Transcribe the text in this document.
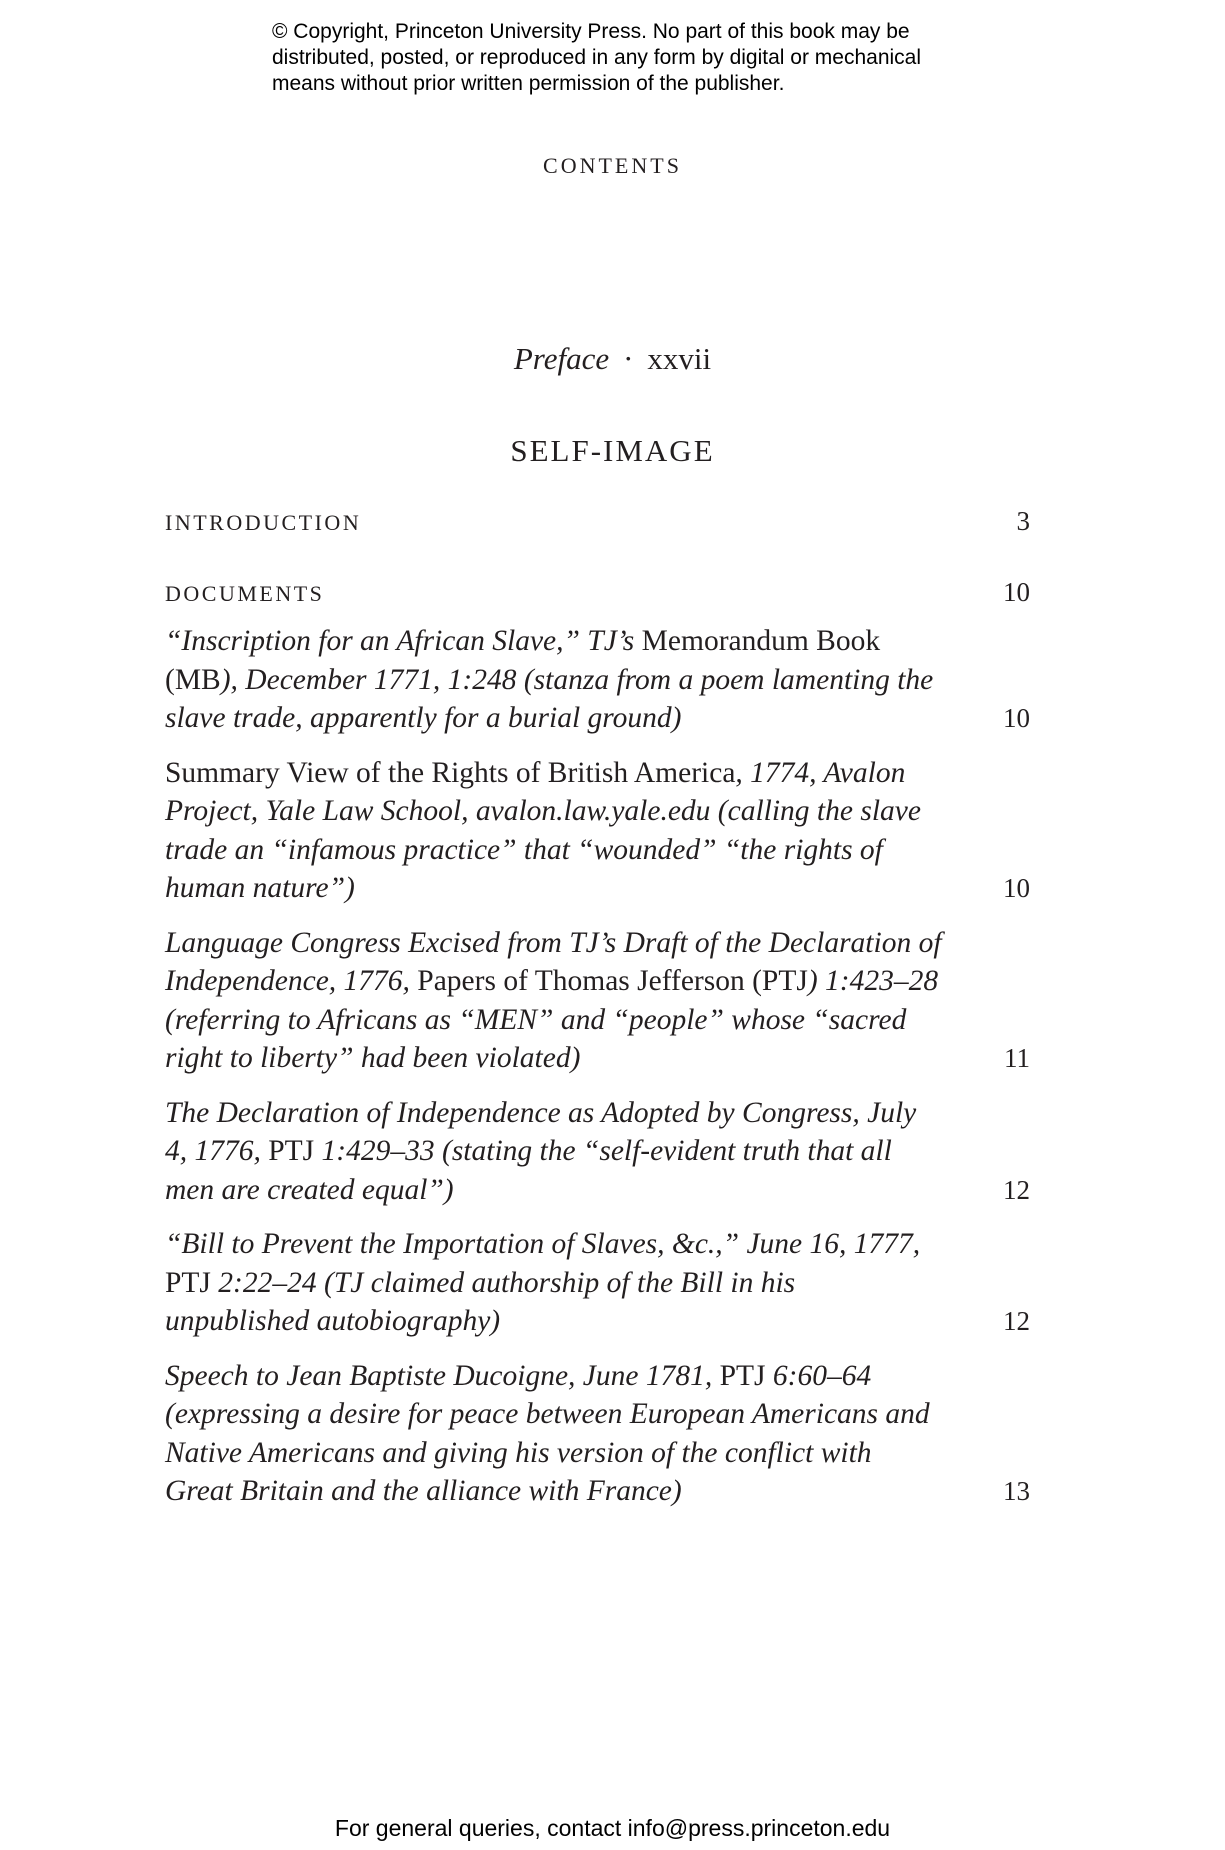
© Copyright, Princeton University Press. No part of this book may be
distributed, posted, or reproduced in any form by digital or mechanical
means without prior written permission of the publisher.
CONTENTS
Preface · xxvii
SELF-IMAGE
INTRODUCTION	3
DOCUMENTS	10
“Inscription for an African Slave,” TJ’s Memorandum Book (MB), December 1771, 1:248 (stanza from a poem lamenting the slave trade, apparently for a burial ground)	10
Summary View of the Rights of British America, 1774, Avalon Project, Yale Law School, avalon.law.yale.edu (calling the slave trade an “infamous practice” that “wounded” “the rights of human nature”)	10
Language Congress Excised from TJ’s Draft of the Declaration of Independence, 1776, Papers of Thomas Jefferson (PTJ) 1:423–28 (referring to Africans as “MEN” and “people” whose “sacred right to liberty” had been violated)	11
The Declaration of Independence as Adopted by Congress, July 4, 1776, PTJ 1:429–33 (stating the “self-evident truth that all men are created equal”)	12
“Bill to Prevent the Importation of Slaves, &c.,” June 16, 1777, PTJ 2:22–24 (TJ claimed authorship of the Bill in his unpublished autobiography)	12
Speech to Jean Baptiste Ducoigne, June 1781, PTJ 6:60–64 (expressing a desire for peace between European Americans and Native Americans and giving his version of the conflict with Great Britain and the alliance with France)	13
For general queries, contact info@press.princeton.edu
